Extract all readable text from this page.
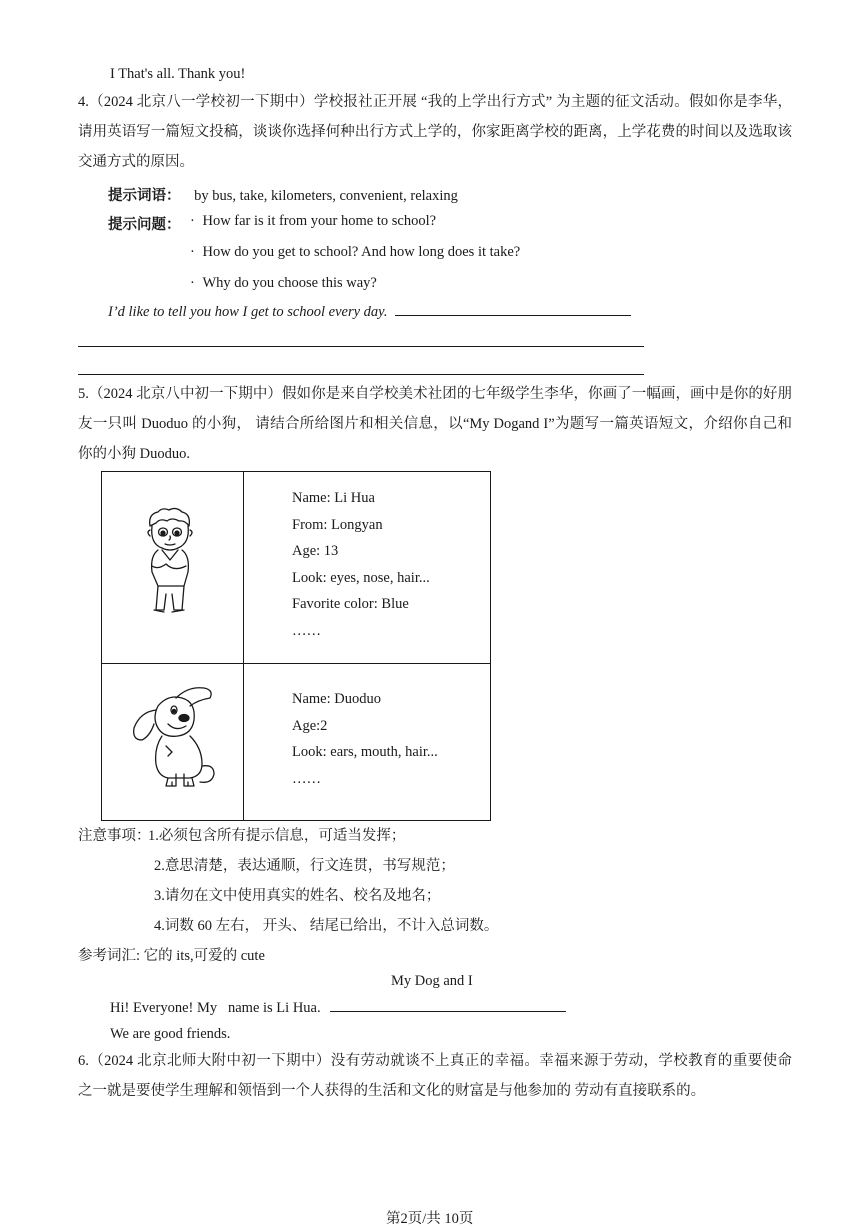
I That's all. Thank you!
4.（2024 北京八一学校初一下期中）学校报社正开展 “我的上学出行方式” 为主题的征文活动。假如你是李华，请用英语写一篇短文投稿，谈谈你选择何种出行方式上学的，你家距离学校的距离，上学花费的时间以及选取该交通方式的原因。
提示词语： by bus, take, kilometers, convenient, relaxing
提示问题： · How far is it from your home to school?
· How do you get to school? And how long does it take?
· Why do you choose this way?
I’d like to tell you how I get to school every day.
5.（2024 北京八中初一下期中）假如你是来自学校美术社团的七年级学生李华，你画了一幅画，画中是你的好朋友一只叫 Duoduo 的小狗， 请结合所给图片和相关信息，以“My Dogand I”为题写一篇英语短文，介绍你自己和你的小狗 Duoduo.
Name: Li Hua
From: Longyan
Age: 13
Look: eyes, nose, hair...
Favorite color: Blue
……
Name: Duoduo
Age:2
Look: ears, mouth, hair...
……
注意事项：
1.必须包含所有提示信息，可适当发挥；
2.意思清楚，表达通顺，行文连贯，书写规范；
3.请勿在文中使用真实的姓名、校名及地名；
4.词数 60 左右， 开头、 结尾已给出，不计入总词数。
参考词汇: 它的 its,可爱的 cute
My Dog and I
Hi! Everyone! My   name is Li Hua.
We are good friends.
6.（2024 北京北师大附中初一下期中）没有劳动就谈不上真正的幸福。幸福来源于劳动，学校教育的重要使命 之一就是要使学生理解和领悟到一个人获得的生活和文化的财富是与他参加的 劳动有直接联系的。
第2页/共 10页
